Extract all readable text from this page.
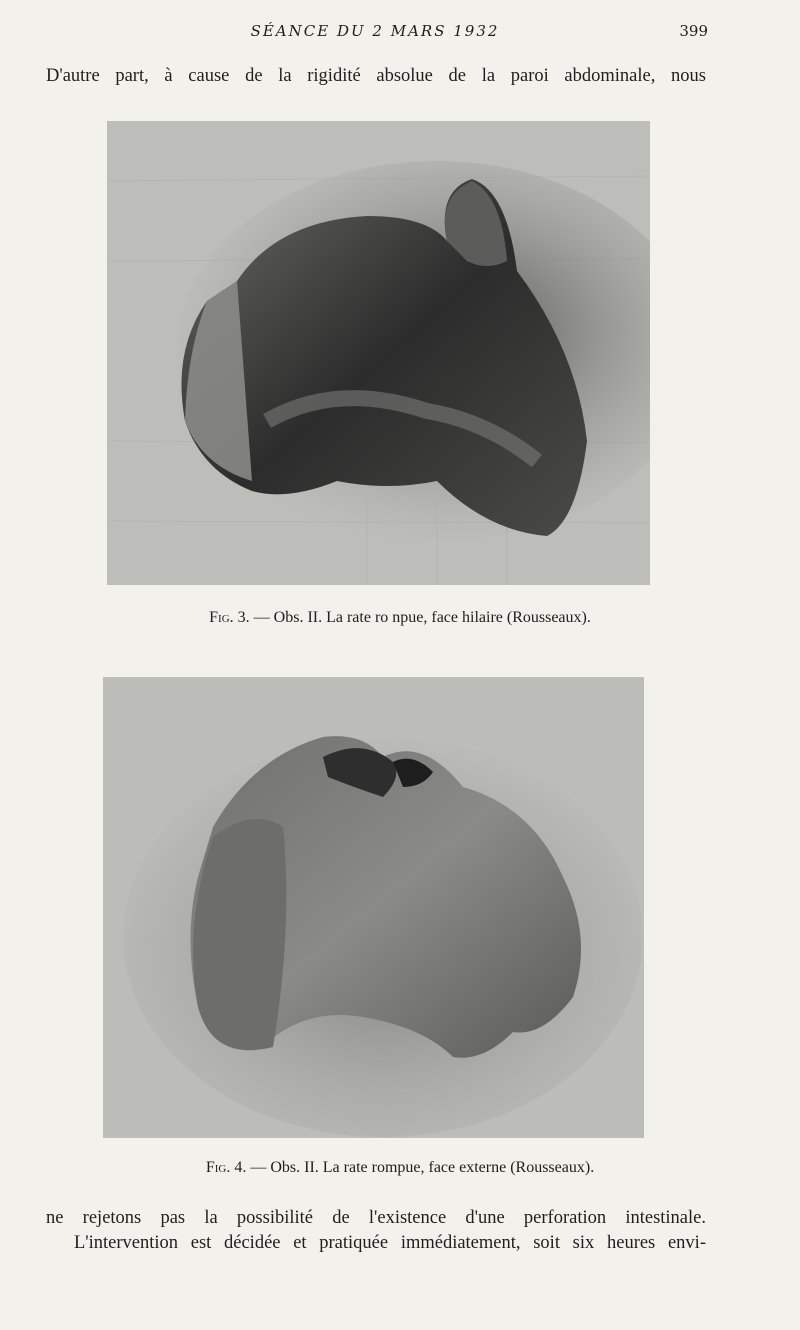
SÉANCE DU 2 MARS 1932	399
D'autre part, à cause de la rigidité absolue de la paroi abdominale, nous
Fig. 3. — Obs. II. La rate ro npue, face hilaire (Rousseaux).
Fig. 4. — Obs. II. La rate rompue, face externe (Rousseaux).
ne rejetons pas la possibilité de l'existence d'une perforation intestinale.
L'intervention est décidée et pratiquée immédiatement, soit six heures envi-
